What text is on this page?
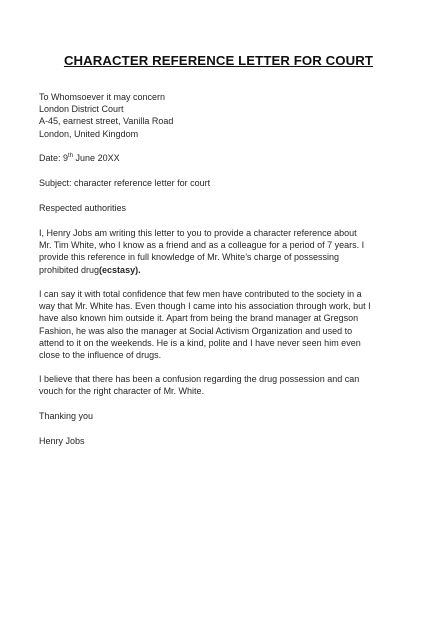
CHARACTER REFERENCE LETTER FOR COURT
To Whomsoever it may concern
London District Court
A-45, earnest street, Vanilla Road
London, United Kingdom
Date: 9th June 20XX
Subject: character reference letter for court
Respected authorities
I, Henry Jobs am writing this letter to you to provide a character reference about
Mr. Tim White, who I know as a friend and as a colleague for a period of 7 years. I
provide this reference in full knowledge of Mr. White’s charge of possessing
prohibited drug(ecstasy).
I can say it with total confidence that few men have contributed to the society in a
way that Mr. White has. Even though I came into his association through work, but I
have also known him outside it. Apart from being the brand manager at Gregson
Fashion, he was also the manager at Social Activism Organization and used to
attend to it on the weekends. He is a kind, polite and I have never seen him even
close to the influence of drugs.
I believe that there has been a confusion regarding the drug possession and can
vouch for the right character of Mr. White.
Thanking you
Henry Jobs
